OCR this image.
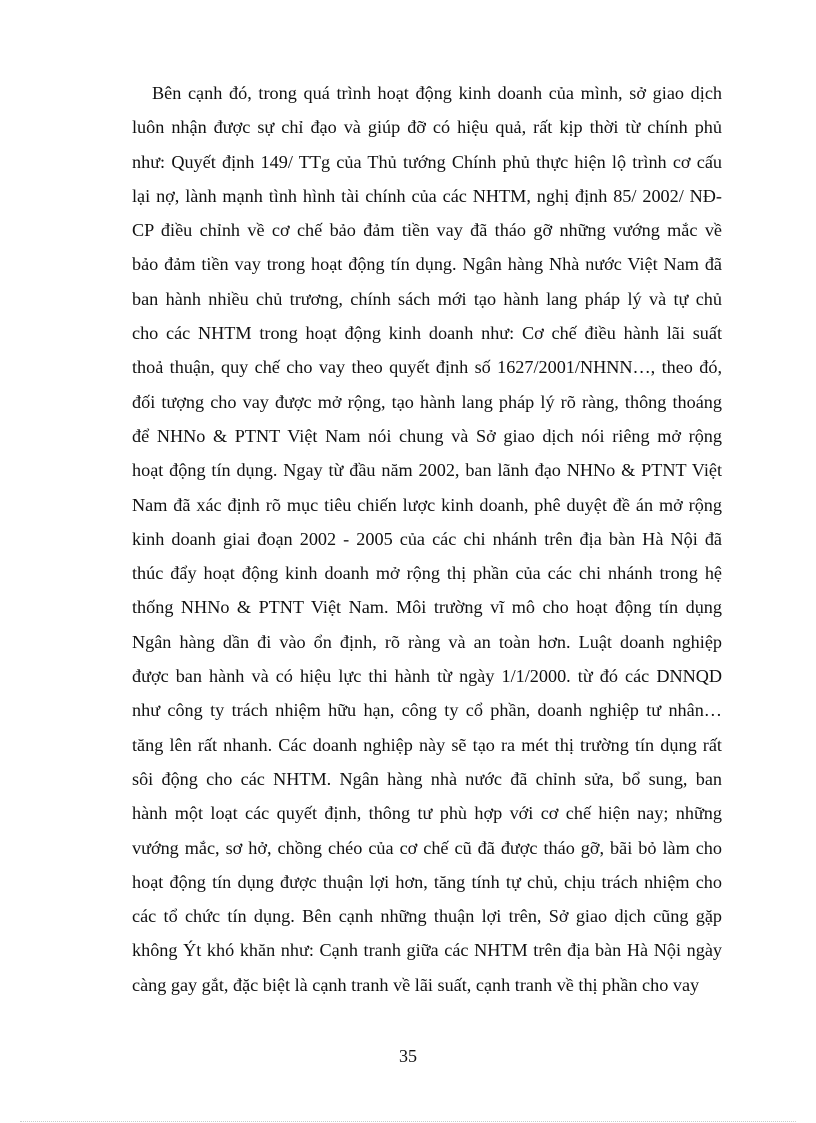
Bên cạnh đó, trong quá trình hoạt động kinh doanh của mình, sở giao dịch
luôn nhận được sự chỉ đạo và giúp đỡ có hiệu quả, rất kịp thời từ chính phủ
như: Quyết định 149/ TTg của Thủ tướng Chính phủ thực hiện lộ trình cơ cấu
lại nợ, lành mạnh tình hình tài chính của các NHTM, nghị định 85/ 2002/ NĐ-
CP điều chỉnh về cơ chế bảo đảm tiền vay đã tháo gỡ những vướng mắc về
bảo đảm tiền vay trong hoạt động tín dụng. Ngân hàng Nhà nước Việt Nam đã
ban hành nhiều chủ trương, chính sách mới tạo hành lang pháp lý và tự chủ
cho các NHTM trong hoạt động kinh doanh như: Cơ chế điều hành lãi suất
thoả thuận, quy chế cho vay theo quyết định số 1627/2001/NHNN…, theo đó,
đối tượng cho vay được mở rộng, tạo hành lang pháp lý rõ ràng, thông thoáng
để NHNo & PTNT Việt Nam nói chung và Sở giao dịch nói riêng mở rộng
hoạt động tín dụng. Ngay từ đầu năm 2002, ban lãnh đạo NHNo & PTNT Việt
Nam đã xác định rõ mục tiêu chiến lược kinh doanh, phê duyệt đề án mở rộng
kinh doanh giai đoạn 2002 - 2005 của các chi nhánh trên địa bàn Hà Nội đã
thúc đẩy hoạt động kinh doanh mở rộng thị phần của các chi nhánh trong hệ
thống NHNo & PTNT Việt Nam. Môi trường vĩ mô cho hoạt động tín dụng
Ngân hàng dần đi vào ổn định, rõ ràng và an toàn hơn. Luật doanh nghiệp
được ban hành và có hiệu lực thi hành từ ngày 1/1/2000. từ đó các DNNQD
như công ty trách nhiệm hữu hạn, công ty cổ phần, doanh nghiệp tư nhân…
tăng lên rất nhanh. Các doanh nghiệp này sẽ tạo ra mét thị trường tín dụng rất
sôi động cho các NHTM. Ngân hàng nhà nước đã chỉnh sửa, bổ sung, ban
hành một loạt các quyết định, thông tư phù hợp với cơ chế hiện nay; những
vướng mắc, sơ hở, chồng chéo của cơ chế cũ đã được tháo gỡ, bãi bỏ làm cho
hoạt động tín dụng được thuận lợi hơn, tăng tính tự chủ, chịu trách nhiệm cho
các tổ chức tín dụng. Bên cạnh những thuận lợi trên, Sở giao dịch cũng gặp
không Ýt khó khăn như: Cạnh tranh giữa các NHTM trên địa bàn Hà Nội ngày
càng gay gắt, đặc biệt là cạnh tranh về lãi suất, cạnh tranh về thị phần cho vay

35
